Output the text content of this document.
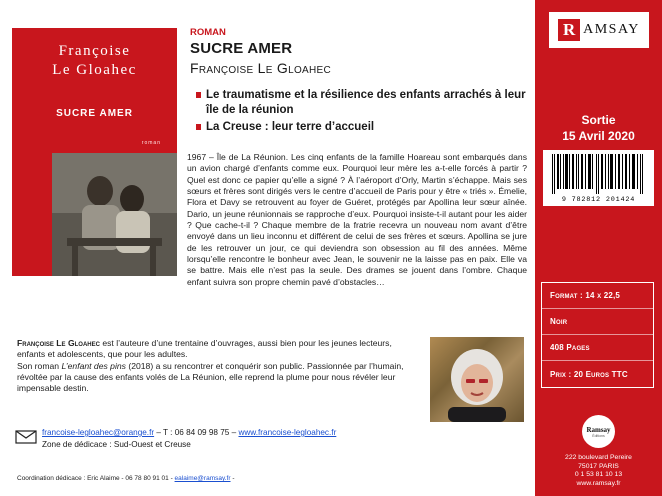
Françoise
Le Gloahec
SUCRE AMER
roman
ROMAN
SUCRE AMER
Françoise Le Gloahec
Le traumatisme et la résilience des enfants arrachés à leur île de la réunion
La Creuse : leur terre d’accueil
1967 – Île de La Réunion. Les cinq enfants de la famille Hoareau sont embarqués dans un avion chargé d’enfants comme eux. Pourquoi leur mère les a-t-elle forcés à partir ? Quel est donc ce papier qu’elle a signé ? À l’aéroport d’Orly, Martin s’échappe. Mais ses sœurs et frères sont dirigés vers le centre d’accueil de Paris pour y être « triés ». Émelie, Flora et Davy se retrouvent au foyer de Guéret, protégés par Apollina leur sœur aînée. Dario, un jeune réunionnais se rapproche d’eux. Pourquoi insiste-t-il autant pour les aider ? Que cache-t-il ? Chaque membre de la fratrie recevra un nouveau nom avant d’être envoyé dans un lieu inconnu et différent de celui de ses frères et sœurs. Apollina se jure de les retrouver un jour, ce qui deviendra son obsession au fil des années. Même lorsqu’elle rencontre le bonheur avec Jean, le souvenir ne la laisse pas en paix. Elle va se battre. Mais elle n’est pas la seule. Des drames se jouent dans l’ombre. Chaque enfant suivra son propre chemin pavé d’obstacles…

Françoise Le Gloahec est l’auteure d’une trentaine d’ouvrages, aussi bien pour les jeunes lecteurs, enfants et adolescents, que pour les adultes.

Son roman L’enfant des pins (2018) a su rencontrer et conquérir son public. Passionnée par l’humain, révoltée par la cause des enfants volés de La Réunion, elle reprend la plume pour nous révéler leur impensable destin.

francoise-legloahec@orange.fr – T : 06 84 09 98 75 – www.francoise-legloahec.fr
Zone de dédicace : Sud-Ouest et Creuse
Coordination dédicace : Eric Alaime - 06 78 80 91 01 - ealaime@ramsay.fr -
R AMSAY
Sortie
15 Avril 2020
9 782812 201424
Format : 14 x 22,5
Noir
408 Pages
Prix : 20 Euros TTC
Ramsay
Éditions
222 boulevard Pereire
75017 PARIS
0 1 53 81 10 13
www.ramsay.fr
